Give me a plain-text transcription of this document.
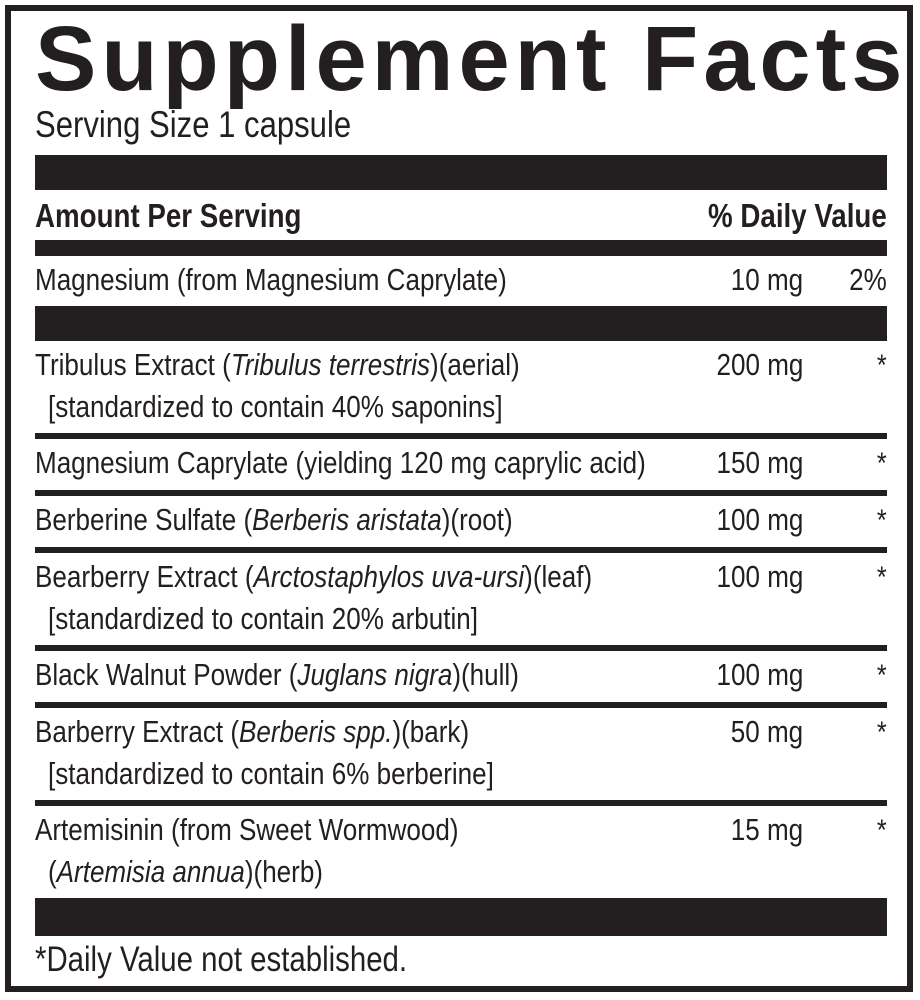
Supplement Facts
Serving Size 1 capsule
Amount Per Serving	% Daily Value
Magnesium (from Magnesium Caprylate)	10 mg	2%
Tribulus Extract (Tribulus terrestris)(aerial)
[standardized to contain 40% saponins]
200 mg	*
Magnesium Caprylate (yielding 120 mg caprylic acid)	150 mg	*
Berberine Sulfate (Berberis aristata)(root)	100 mg	*
Bearberry Extract (Arctostaphylos uva-ursi)(leaf)
[standardized to contain 20% arbutin]
100 mg	*
Black Walnut Powder (Juglans nigra)(hull)	100 mg	*
Barberry Extract (Berberis spp.)(bark)
[standardized to contain 6% berberine]
50 mg	*
Artemisinin (from Sweet Wormwood)
(Artemisia annua)(herb)
15 mg	*
*Daily Value not established.
